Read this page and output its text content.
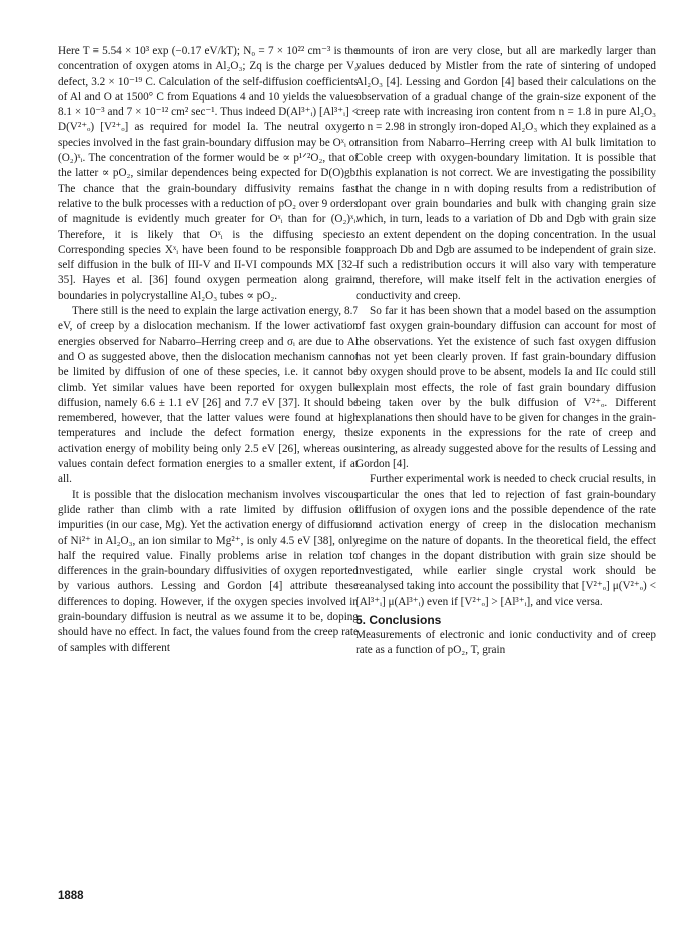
Here T ≡ 5.54 × 10³ exp (−0.17 eV/kT); N₀ = 7 × 10²² cm⁻³ is the concentration of oxygen atoms in Al₂O₃; Zq is the charge per V₀ defect, 3.2 × 10⁻¹⁹ C. Calculation of the self-diffusion coefficients of Al and O at 1500° C from Equations 4 and 10 yields the values 8.1 × 10⁻³ and 7 × 10⁻¹² cm² sec⁻¹. Thus indeed D(Al³⁺ᵢ) [Al³⁺ᵢ] < D(V²⁺ₒ) [V²⁺ₒ] as required for model Ia. The neutral oxygen species involved in the fast grain-boundary diffusion may be Oˣᵢ or (O₂)ˣᵢ. The concentration of the former would be ∝ p¹ᐟ²O₂, that of the latter ∝ pO₂, similar dependences being expected for D(O)gb. The chance that the grain-boundary diffusivity remains fast relative to the bulk processes with a reduction of pO₂ over 9 orders of magnitude is evidently much greater for Oˣᵢ than for (O₂)ˣᵢ. Therefore, it is likely that Oˣᵢ is the diffusing species. Corresponding species Xˣᵢ have been found to be responsible for self diffusion in the bulk of III-V and II-VI compounds MX [32–35]. Hayes et al. [36] found oxygen permeation along grain boundaries in polycrystalline Al₂O₃ tubes ∝ pO₂.

There still is the need to explain the large activation energy, 8.7 eV, of creep by a dislocation mechanism. If the lower activation energies observed for Nabarro–Herring creep and σᵢ are due to Al and O as suggested above, then the dislocation mechanism cannot be limited by diffusion of one of these species, i.e. it cannot be climb. Yet similar values have been reported for oxygen bulk diffusion, namely 6.6 ± 1.1 eV [26] and 7.7 eV [37]. It should be remembered, however, that the latter values were found at high temperatures and include the defect formation energy, the activation energy of mobility being only 2.5 eV [26], whereas our values contain defect formation energies to a smaller extent, if at all.

It is possible that the dislocation mechanism involves viscous glide rather than climb with a rate limited by diffusion of impurities (in our case, Mg). Yet the activation energy of diffusion of Ni²⁺ in Al₂O₃, an ion similar to Mg²⁺, is only 4.5 eV [38], only half the required value. Finally problems arise in relation to differences in the grain-boundary diffusivities of oxygen reported by various authors. Lessing and Gordon [4] attribute these differences to doping. However, if the oxygen species involved in grain-boundary diffusion is neutral as we assume it to be, doping should have no effect. In fact, the values found from the creep rate of samples with different

amounts of iron are very close, but all are markedly larger than values deduced by Mistler from the rate of sintering of undoped Al₂O₃ [4]. Lessing and Gordon [4] based their calculations on the observation of a gradual change of the grain-size exponent of the creep rate with increasing iron content from n = 1.8 in pure Al₂O₃ to n = 2.98 in strongly iron-doped Al₂O₃ which they explained as a transition from Nabarro–Herring creep with Al bulk limitation to Coble creep with oxygen-boundary limitation. It is possible that this explanation is not correct. We are investigating the possibility that the change in n with doping results from a redistribution of dopant over grain boundaries and bulk with changing grain size which, in turn, leads to a variation of Db and Dgb with grain size to an extent dependent on the doping concentration. In the usual approach Db and Dgb are assumed to be independent of grain size. If such a redistribution occurs it will also vary with temperature and, therefore, will make itself felt in the activation energies of conductivity and creep.

So far it has been shown that a model based on the assumption of fast oxygen grain-boundary diffusion can account for most of the observations. Yet the existence of such fast oxygen diffusion has not yet been clearly proven. If fast grain-boundary diffusion by oxygen should prove to be absent, models Ia and IIc could still explain most effects, the role of fast grain boundary diffusion being taken over by the bulk diffusion of V²⁺ₒ. Different explanations then should have to be given for changes in the grain-size exponents in the expressions for the rate of creep and sintering, as already suggested above for the results of Lessing and Gordon [4].

Further experimental work is needed to check crucial results, in particular the ones that led to rejection of fast grain-boundary diffusion of oxygen ions and the possible dependence of the rate and activation energy of creep in the dislocation mechanism regime on the nature of dopants. In the theoretical field, the effect of changes in the dopant distribution with grain size should be investigated, while earlier single crystal work should be reanalysed taking into account the possibility that [V²⁺ₒ] μ(V²⁺ₒ) < [Al³⁺ᵢ] μ(Al³⁺ᵢ) even if [V²⁺ₒ] > [Al³⁺ᵢ], and vice versa.

5. Conclusions

Measurements of electronic and ionic conductivity and of creep rate as a function of pO₂, T, grain

1888
